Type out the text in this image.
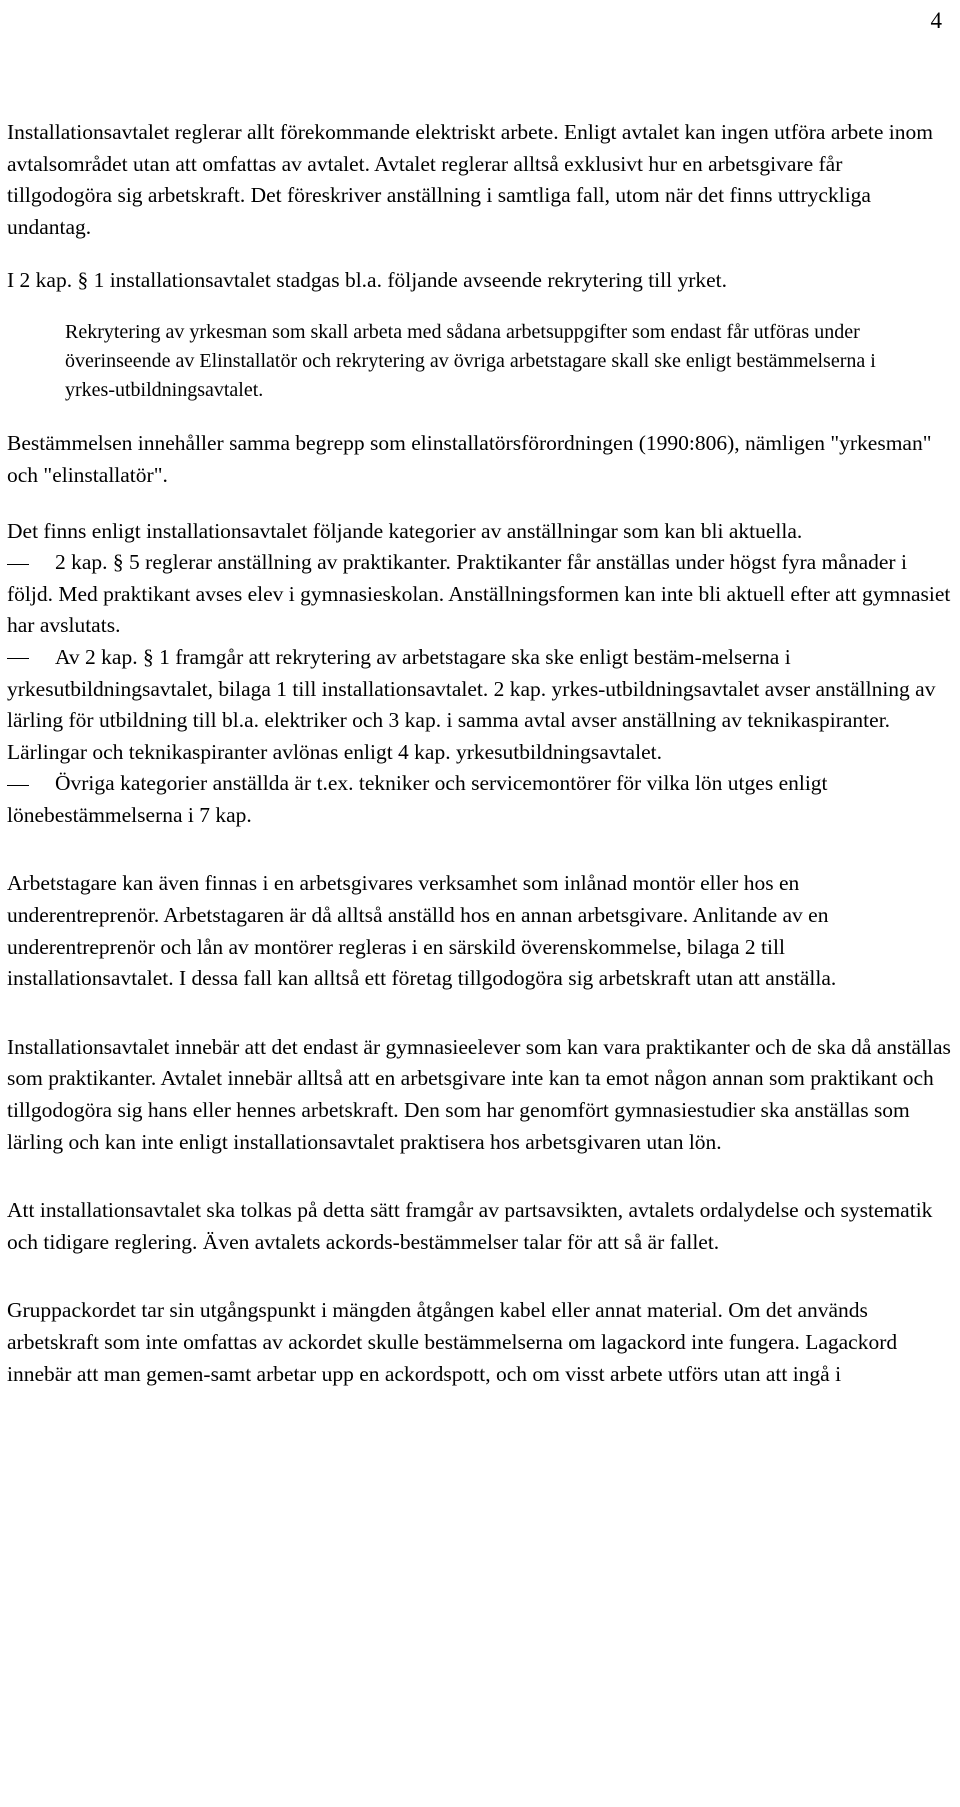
4

Installationsavtalet reglerar allt förekommande elektriskt arbete. Enligt avtalet kan ingen utföra arbete inom avtalsområdet utan att omfattas av avtalet. Avtalet reglerar alltså exklusivt hur en arbetsgivare får tillgodogöra sig arbetskraft. Det föreskriver anställning i samtliga fall, utom när det finns uttryckliga undantag.

I 2 kap. § 1 installationsavtalet stadgas bl.a. följande avseende rekrytering till yrket.

Rekrytering av yrkesman som skall arbeta med sådana arbetsuppgifter som endast får utföras under överinseende av Elinstallatör och rekrytering av övriga arbetstagare skall ske enligt bestämmelserna i yrkes-utbildningsavtalet.

Bestämmelsen innehåller samma begrepp som elinstallatörsförordningen (1990:806), nämligen "yrkesman" och "elinstallatör".

Det finns enligt installationsavtalet följande kategorier av anställningar som kan bli aktuella.

2 kap. § 5 reglerar anställning av praktikanter. Praktikanter får anställas under högst fyra månader i följd. Med praktikant avses elev i gymnasieskolan. Anställningsformen kan inte bli aktuell efter att gymnasiet har avslutats.

Av 2 kap. § 1 framgår att rekrytering av arbetstagare ska ske enligt bestäm-melserna i yrkesutbildningsavtalet, bilaga 1 till installationsavtalet. 2 kap. yrkes-utbildningsavtalet avser anställning av lärling för utbildning till bl.a. elektriker och 3 kap. i samma avtal avser anställning av teknikaspiranter. Lärlingar och teknikaspiranter avlönas enligt 4 kap. yrkesutbildningsavtalet.

Övriga kategorier anställda är t.ex. tekniker och servicemontörer för vilka lön utges enligt lönebestämmelserna i 7 kap.

Arbetstagare kan även finnas i en arbetsgivares verksamhet som inlånad montör eller hos en underentreprenör. Arbetstagaren är då alltså anställd hos en annan arbetsgivare. Anlitande av en underentreprenör och lån av montörer regleras i en särskild överenskommelse, bilaga 2 till installationsavtalet. I dessa fall kan alltså ett företag tillgodogöra sig arbetskraft utan att anställa.

Installationsavtalet innebär att det endast är gymnasieelever som kan vara praktikanter och de ska då anställas som praktikanter. Avtalet innebär alltså att en arbetsgivare inte kan ta emot någon annan som praktikant och tillgodogöra sig hans eller hennes arbetskraft. Den som har genomfört gymnasiestudier ska anställas som lärling och kan inte enligt installationsavtalet praktisera hos arbetsgivaren utan lön.

Att installationsavtalet ska tolkas på detta sätt framgår av partsavsikten, avtalets ordalydelse och systematik och tidigare reglering. Även avtalets ackords-bestämmelser talar för att så är fallet.

Gruppackordet tar sin utgångspunkt i mängden åtgången kabel eller annat material. Om det används arbetskraft som inte omfattas av ackordet skulle bestämmelserna om lagackord inte fungera. Lagackord innebär att man gemen-samt arbetar upp en ackordspott, och om visst arbete utförs utan att ingå i
